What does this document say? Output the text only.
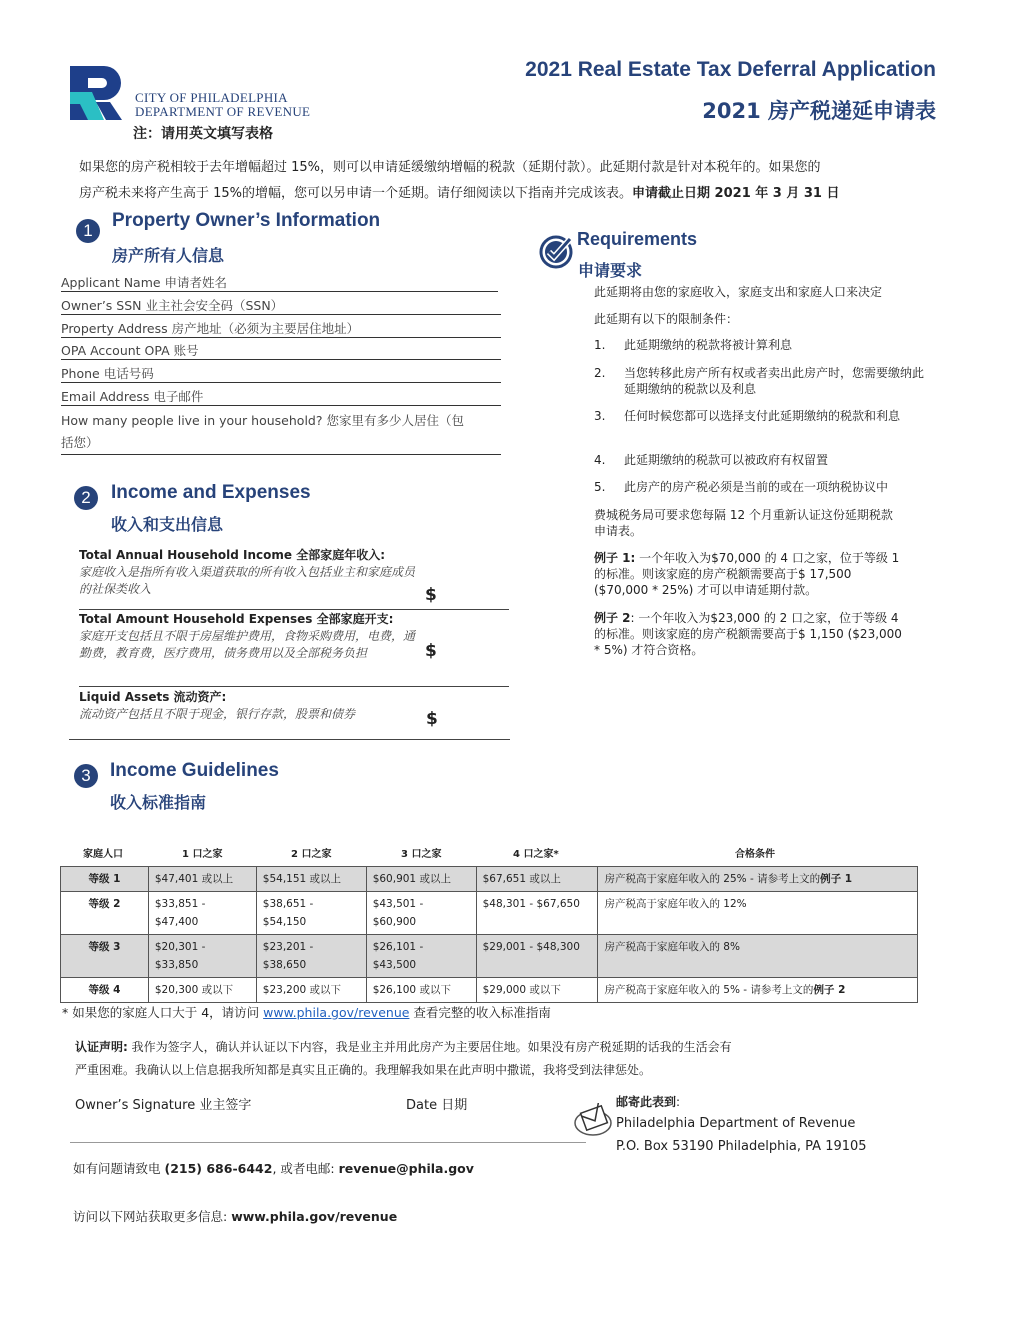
CITY OF PHILADELPHIA
DEPARTMENT OF REVENUE
注：请用英文填写表格
2021 Real Estate Tax Deferral Application
2021 房产税递延申请表
如果您的房产税相较于去年增幅超过 15%，则可以申请延缓缴纳增幅的税款（延期付款）。此延期付款是针对本税年的。如果您的
房产税未来将产生高于 15%的增幅，您可以另申请一个延期。请仔细阅读以下指南并完成该表。申请截止日期 2021 年 3 月 31 日
1	Property Owner’s Information
房产所有人信息
Applicant Name 申请者姓名
Owner’s SSN 业主社会安全码（SSN）
Property Address 房产地址（必须为主要居住地址）
OPA Account OPA 账号
Phone 电话号码
Email Address 电子邮件
How many people live in your household? 您家里有多少人居住（包
括您）
Requirements
申请要求
此延期将由您的家庭收入，家庭支出和家庭人口来决定
此延期有以下的限制条件：
1. 此延期缴纳的税款将被计算利息
2. 当您转移此房产所有权或者卖出此房产时，您需要缴纳此延期缴纳的税款以及利息
3. 任何时候您都可以选择支付此延期缴纳的税款和利息
4. 此延期缴纳的税款可以被政府有权留置
5. 此房产的房产税必须是当前的或在一项纳税协议中
费城税务局可要求您每隔 12 个月重新认证这份延期税款申请表。
例子 1: 一个年收入为$70,000 的 4 口之家，位于等级 1 的标准。则该家庭的房产税额需要高于$ 17,500 ($70,000 * 25%) 才可以申请延期付款。
例子 2: 一个年收入为$23,000 的 2 口之家，位于等级 4 的标准。则该家庭的房产税额需要高于$ 1,150 ($23,000 * 5%) 才符合资格。
2	Income and Expenses
收入和支出信息
Total Annual Household Income 全部家庭年收入:
家庭收入是指所有收入渠道获取的所有收入包括业主和家庭成员的社保类收入	$
Total Amount Household Expenses 全部家庭开支:
家庭开支包括且不限于房屋维护费用，食物采购费用，电费，通勤费，教育费，医疗费用，债务费用以及全部税务负担	$
Liquid Assets 流动资产:
流动资产包括且不限于现金，银行存款，股票和债券	$
3	Income Guidelines
收入标准指南
家庭人口	1 口之家	2 口之家	3 口之家	4 口之家*	合格条件
等级 1	$47,401 或以上	$54,151 或以上	$60,901 或以上	$67,651 或以上	房产税高于家庭年收入的 25% - 请参考上文的例子 1
等级 2	$33,851 - $47,400	$38,651 - $54,150	$43,501 - $60,900	$48,301 - $67,650	房产税高于家庭年收入的 12%
等级 3	$20,301 - $33,850	$23,201 - $38,650	$26,101 - $43,500	$29,001 - $48,300	房产税高于家庭年收入的 8%
等级 4	$20,300 或以下	$23,200 或以下	$26,100 或以下	$29,000 或以下	房产税高于家庭年收入的 5% - 请参考上文的例子 2
* 如果您的家庭人口大于 4，请访问 www.phila.gov/revenue 查看完整的收入标准指南
认证声明: 我作为签字人，确认并认证以下内容，我是业主并用此房产为主要居住地。如果没有房产税延期的话我的生活会有
严重困难。我确认以上信息据我所知都是真实且正确的。我理解我如果在此声明中撒谎，我将受到法律惩处。
Owner’s Signature 业主签字	Date 日期	邮寄此表到:
Philadelphia Department of Revenue
P.O. Box 53190 Philadelphia, PA 19105
如有问题请致电 (215) 686-6442, 或者电邮: revenue@phila.gov
访问以下网站获取更多信息: www.phila.gov/revenue
